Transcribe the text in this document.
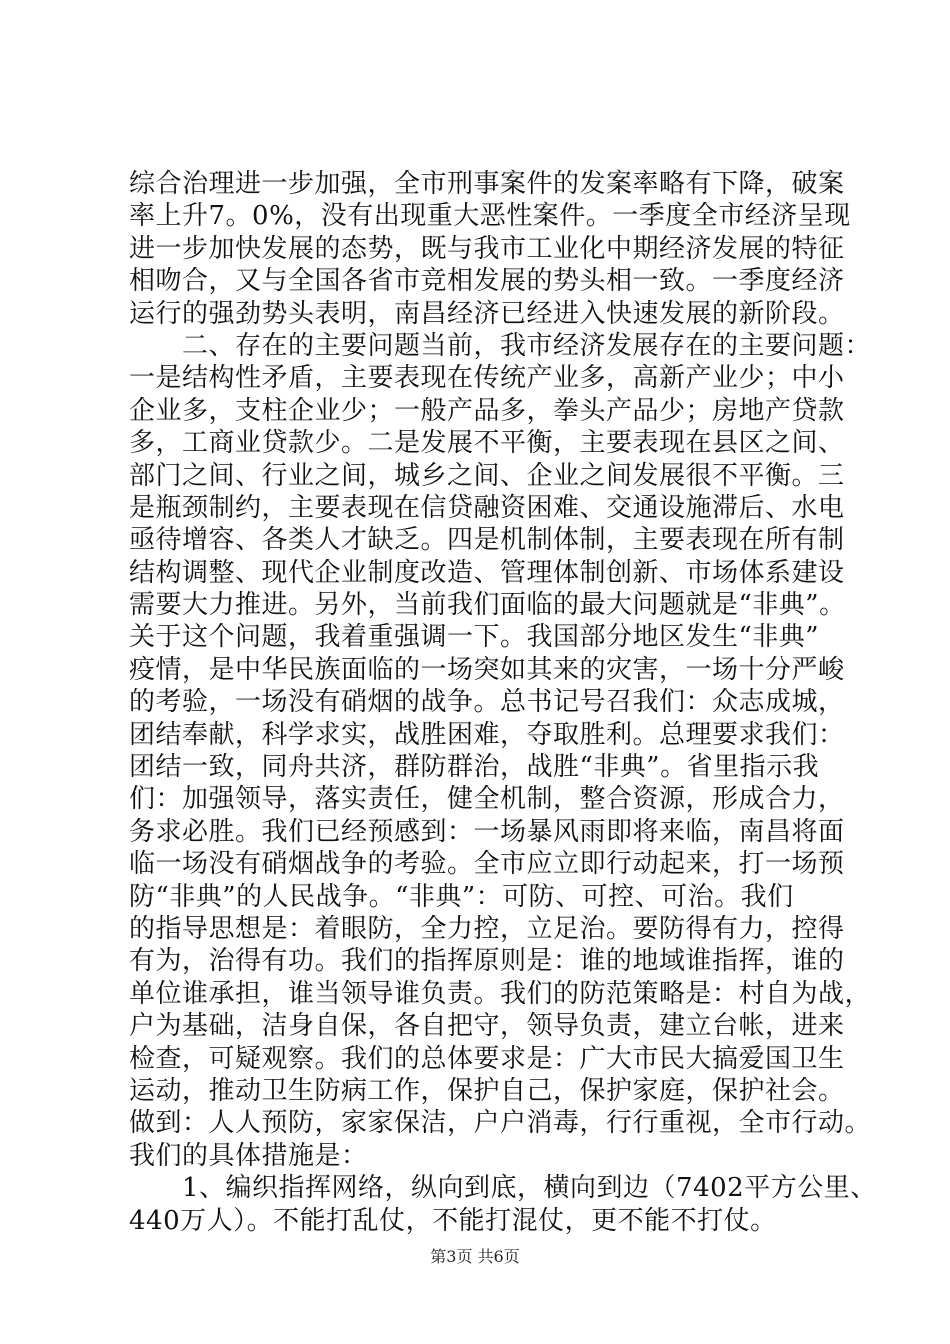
综合治理进一步加强，全市刑事案件的发案率略有下降，破案
率上升7。0%，没有出现重大恶性案件。一季度全市经济呈现
进一步加快发展的态势，既与我市工业化中期经济发展的特征
相吻合，又与全国各省市竞相发展的势头相一致。一季度经济
运行的强劲势头表明，南昌经济已经进入快速发展的新阶段。
　　二、存在的主要问题当前，我市经济发展存在的主要问题：
一是结构性矛盾，主要表现在传统产业多，高新产业少；中小
企业多，支柱企业少；一般产品多，拳头产品少；房地产贷款
多，工商业贷款少。二是发展不平衡，主要表现在县区之间、
部门之间、行业之间，城乡之间、企业之间发展很不平衡。三
是瓶颈制约，主要表现在信贷融资困难、交通设施滞后、水电
亟待增容、各类人才缺乏。四是机制体制，主要表现在所有制
结构调整、现代企业制度改造、管理体制创新、市场体系建设
需要大力推进。另外，当前我们面临的最大问题就是“非典”。
关于这个问题，我着重强调一下。我国部分地区发生“非典”
疫情，是中华民族面临的一场突如其来的灾害，一场十分严峻
的考验，一场没有硝烟的战争。总书记号召我们：众志成城，
团结奉献，科学求实，战胜困难，夺取胜利。总理要求我们：
团结一致，同舟共济，群防群治，战胜“非典”。省里指示我
们：加强领导，落实责任，健全机制，整合资源，形成合力，
务求必胜。我们已经预感到：一场暴风雨即将来临，南昌将面
临一场没有硝烟战争的考验。全市应立即行动起来，打一场预
防“非典”的人民战争。“非典”：可防、可控、可治。我们
的指导思想是：着眼防，全力控，立足治。要防得有力，控得
有为，治得有功。我们的指挥原则是：谁的地域谁指挥，谁的
单位谁承担，谁当领导谁负责。我们的防范策略是：村自为战，
户为基础，洁身自保，各自把守，领导负责，建立台帐，进来
检查，可疑观察。我们的总体要求是：广大市民大搞爱国卫生
运动，推动卫生防病工作，保护自己，保护家庭，保护社会。
做到：人人预防，家家保洁，户户消毒，行行重视，全市行动。
我们的具体措施是：
　　1、编织指挥网络，纵向到底，横向到边（7402平方公里、
440万人）。不能打乱仗，不能打混仗，更不能不打仗。
第3页 共6页
